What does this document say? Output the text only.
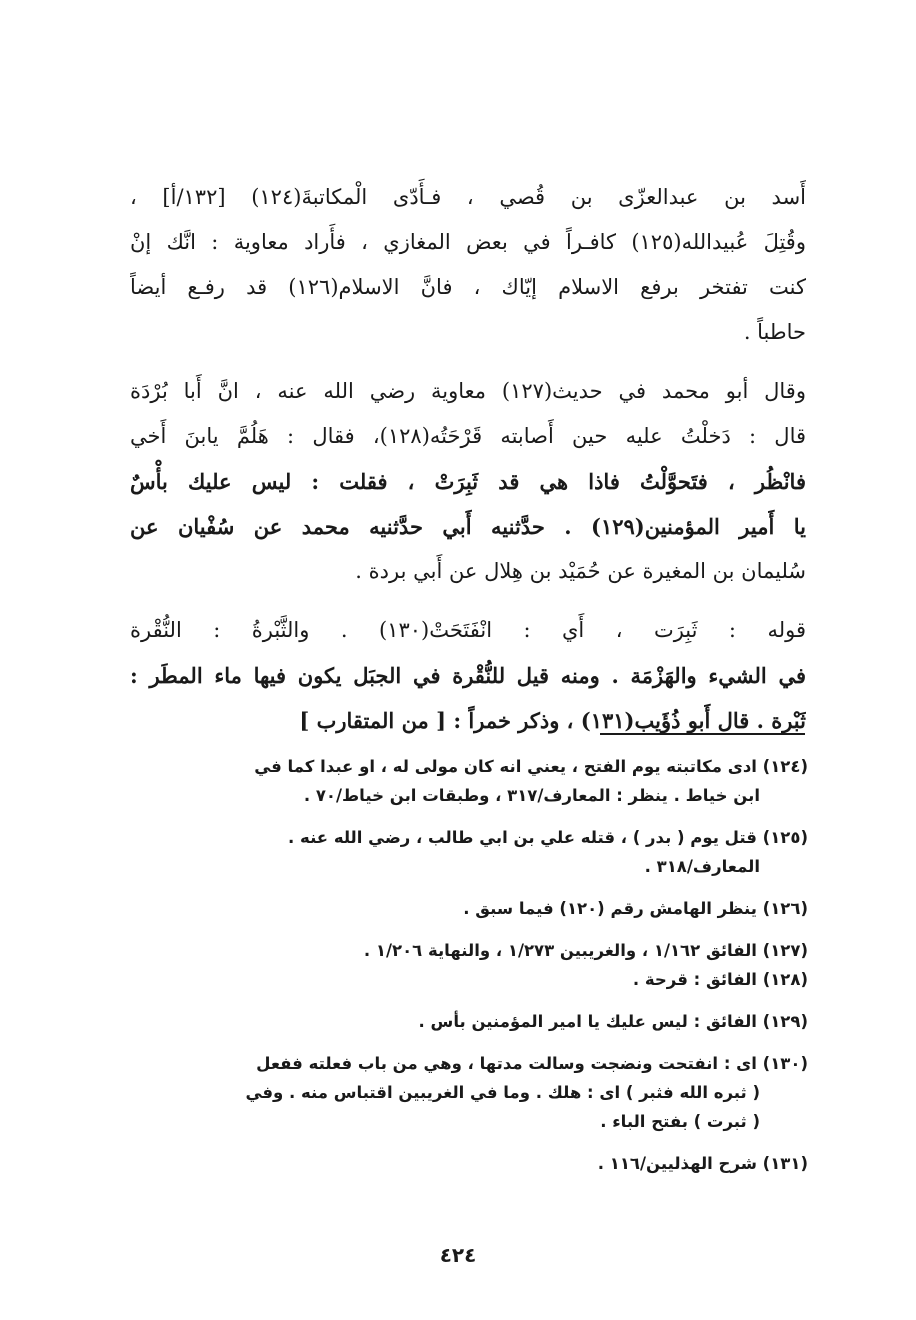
أَسد بن عبدالعزّى بن قُصي ، فـأَدّى الْمكاتبةَ(١٢٤) [١٣٢/أ] ،
وقُتِلَ عُبيدالله(١٢٥) كافـراً في بعض المغازي ، فأَراد معاوية : انَّك إنْ
كنت تفتخر برفع الاسلام إيّاك ، فانَّ الاسلام(١٢٦) قد رفـع أيضاً
حاطباً .
وقال أبو محمد في حديث(١٢٧) معاوية رضي الله عنه ، انَّ أَبا بُرْدَة
قال : دَخلْتُ عليه حين أَصابته قَرْحَتُه(١٢٨)، فقال : هَلُمَّ يابنَ أَخي
فانْظُر ، فتَحوَّلْتُ فاذا هي قد ثَبِرَتْ ، فقلت : ليس عليك بأْسٌ
يا أَمير المؤمنين(١٢٩) . حدَّثنيه أَبي حدَّثنيه محمد عن سُفْيان عن
سُليمان بن المغيرة عن حُمَيْد بن هِلال عن أَبي بردة .
قوله : ثَبِرَت ، أَي : انْفَتَحَتْ(١٣٠) . والثَّبْرةُ : النُّقْرة
في الشيء والهَزْمَة . ومنه قيل للنُّقْرة في الجبَل يكون فيها ماء المطَر :
ثَبْرة . قال أَبو ذُؤَيب(١٣١) ، وذكر خمراً : [ من المتقارب ]
(١٢٤) ادى مكاتبته يوم الفتح ، يعني انه كان مولى له ، او عبدا كما في
ابن خياط . ينظر : المعارف/٣١٧ ، وطبقات ابن خياط/٧٠ .
(١٢٥) قتل يوم ( بدر ) ، قتله علي بن ابي طالب ، رضي الله عنه .
المعارف/٣١٨ .
(١٢٦) ينظر الهامش رقم (١٢٠) فيما سبق .
(١٢٧) الفائق ١/١٦٢ ، والغريبين ١/٢٧٣ ، والنهاية ١/٢٠٦ .
(١٢٨) الفائق : قرحة .
(١٢٩) الفائق : ليس عليك يا امير المؤمنين بأس .
(١٣٠) اى : انفتحت ونضجت وسالت مدتها ، وهي من باب فعلته ففعل
( ثبره الله فثبر ) اى : هلك . وما في الغريبين اقتباس منه . وفي
( ثبرت ) بفتح الباء .
(١٣١) شرح الهذليين/١١٦ .
٤٢٤
